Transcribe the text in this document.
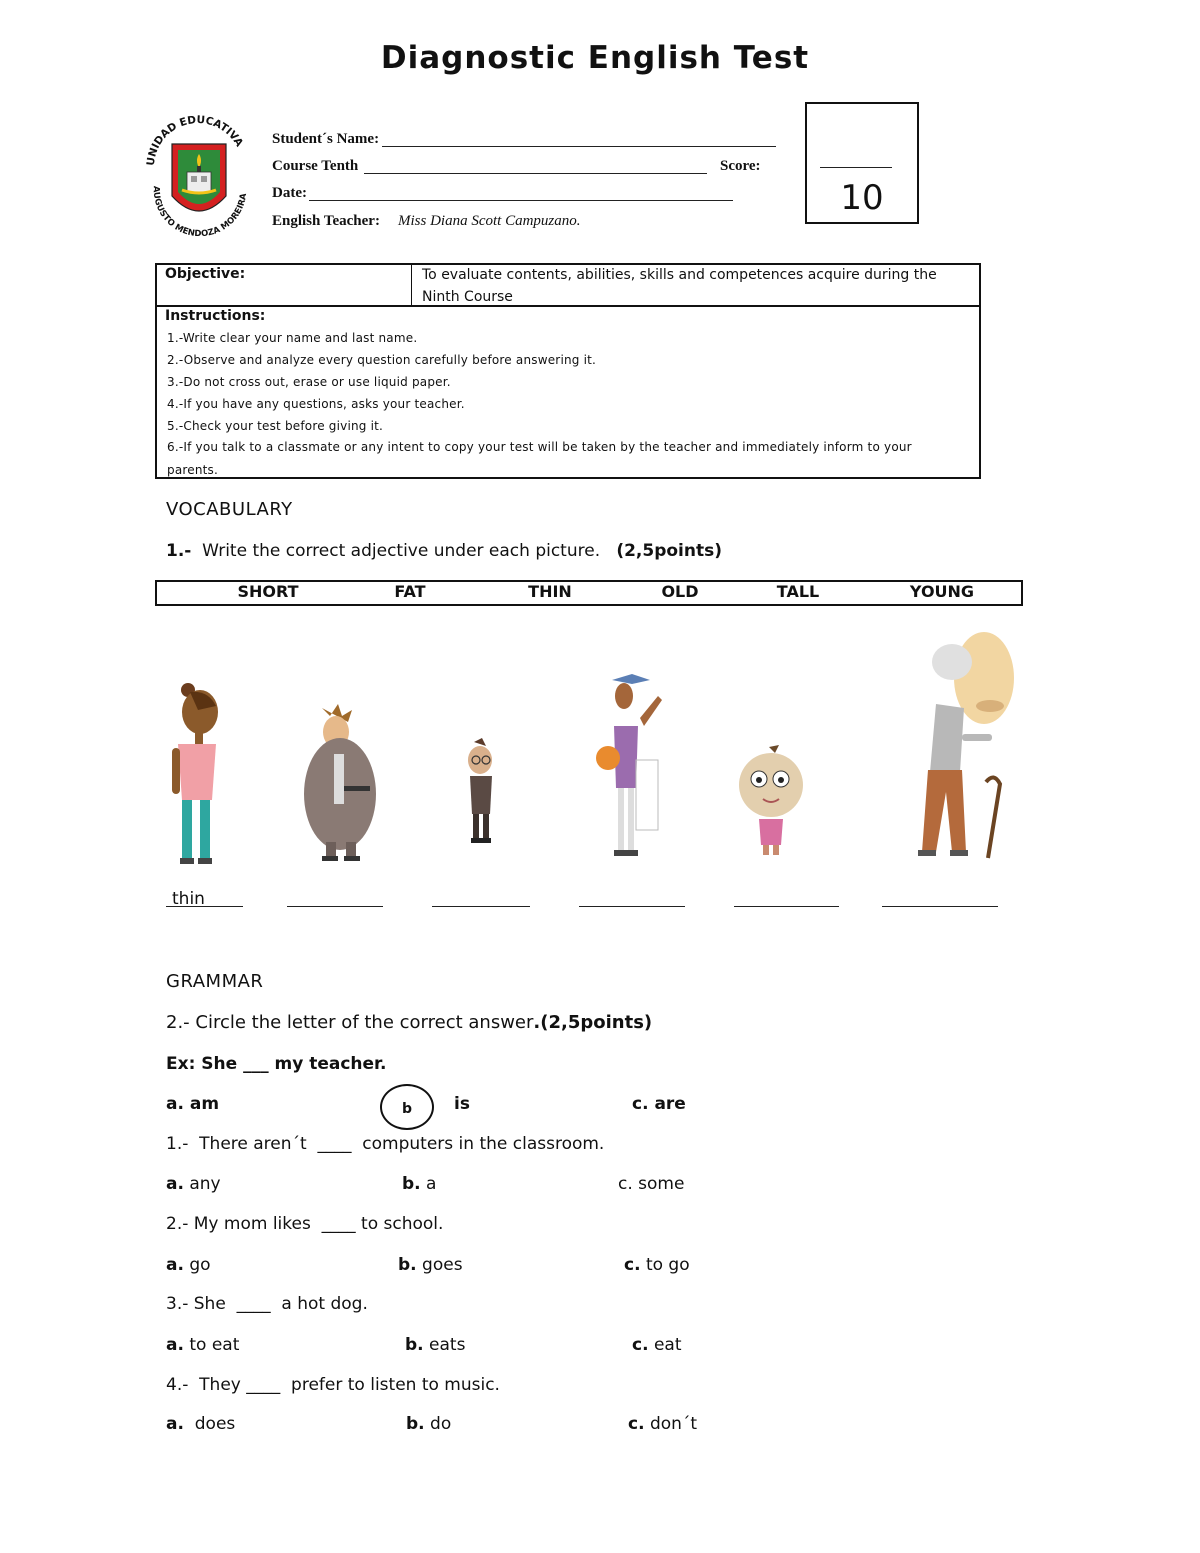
Diagnostic English Test
UNIDAD EDUCATIVA
AUGUSTO MENDOZA MOREIRA
Student´s Name:
Course Tenth	Score:
Date:
English Teacher: Miss Diana Scott Campuzano.
10
Objective:	To evaluate contents, abilities, skills and competences acquire during the Ninth Course
Instructions:
1.-Write clear your name and last name.
2.-Observe and analyze every question carefully before answering it.
3.-Do not cross out, erase or use liquid paper.
4.-If you have any questions, asks your teacher.
5.-Check your test before giving it.
6.-If you talk to a classmate or any intent to copy your test will be taken by the teacher and immediately inform to your
parents.
VOCABULARY
1.- Write the correct adjective under each picture. (2,5points)
SHORT	FAT	THIN	OLD	TALL	YOUNG
thin
GRAMMAR
2.- Circle the letter of the correct answer.(2,5points)
Ex: She ___ my teacher.
a. am	b is	c. are
1.-  There aren´t  ____  computers in the classroom.
a. any	b. a	c. some
2.- My mom likes  ____ to school.
a. go	b. goes	c. to go
3.- She  ____  a hot dog.
a. to eat	b. eats	c. eat
4.-  They ____  prefer to listen to music.
a. does	b. do	c. don´t
